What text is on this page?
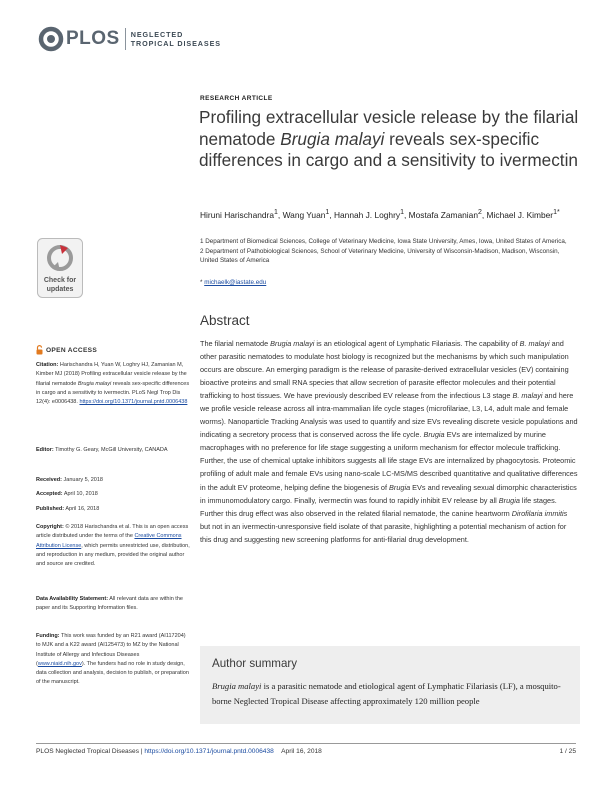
PLOS NEGLECTED
TROPICAL DISEASES
RESEARCH ARTICLE
Profiling extracellular vesicle release by the filarial nematode Brugia malayi reveals sex-specific differences in cargo and a sensitivity to ivermectin
Hiruni Harischandra$^1$, Wang Yuan$^1$, Hannah J. Loghry$^1$, Mostafa Zamanian$^2$, Michael J. Kimber$^{1*}$
1 Department of Biomedical Sciences, College of Veterinary Medicine, Iowa State University, Ames, Iowa, United States of America, 2 Department of Pathobiological Sciences, School of Veterinary Medicine, University of Wisconsin-Madison, Madison, Wisconsin, United States of America
* michaelk@iastate.edu
Abstract

The filarial nematode Brugia malayi is an etiological agent of Lymphatic Filariasis. The capability of B. malayi and other parasitic nematodes to modulate host biology is recognized but the mechanisms by which such manipulation occurs are obscure. An emerging paradigm is the release of parasite-derived extracellular vesicles (EV) containing bioactive proteins and small RNA species that allow secretion of parasite effector molecules and their potential trafficking to host tissues. We have previously described EV release from the infectious L3 stage B. malayi and here we profile vesicle release across all intra-mammalian life cycle stages (microfilariae, L3, L4, adult male and female worms). Nanoparticle Tracking Analysis was used to quantify and size EVs revealing discrete vesicle populations and indicating a secretory process that is conserved across the life cycle. Brugia EVs are internalized by murine macrophages with no preference for life stage suggesting a uniform mechanism for effector molecule trafficking. Further, the use of chemical uptake inhibitors suggests all life stage EVs are internalized by phagocytosis. Proteomic profiling of adult male and female EVs using nano-scale LC-MS/MS described quantitative and qualitative differences in the adult EV proteome, helping define the biogenesis of Brugia EVs and revealing sexual dimorphic characteristics in immunomodulatory cargo. Finally, ivermectin was found to rapidly inhibit EV release by all Brugia life stages. Further this drug effect was also observed in the related filarial nematode, the canine heartworm Dirofilaria immitis but not in an ivermectin-unresponsive field isolate of that parasite, highlighting a potential mechanism of action for this drug and suggesting new screening platforms for anti-filarial drug development.

Author summary
Brugia malayi is a parasitic nematode and etiological agent of Lymphatic Filariasis (LF), a mosquito-borne Neglected Tropical Disease affecting approximately 120 million people
Check for
updates
OPEN ACCESS
Citation: Harischandra H, Yuan W, Loghry HJ, Zamanian M, Kimber MJ (2018) Profiling extracellular vesicle release by the filarial nematode Brugia malayi reveals sex-specific differences in cargo and a sensitivity to ivermectin. PLoS Negl Trop Dis 12(4): e0006438. https://doi.org/10.1371/journal.pntd.0006438
Editor: Timothy G. Geary, McGill University, CANADA
Received: January 5, 2018
Accepted: April 10, 2018
Published: April 16, 2018
Copyright: © 2018 Harischandra et al. This is an open access article distributed under the terms of the Creative Commons Attribution License, which permits unrestricted use, distribution, and reproduction in any medium, provided the original author and source are credited.
Data Availability Statement: All relevant data are within the paper and its Supporting Information files.
Funding: This work was funded by an R21 award (AI117204) to MJK and a K22 award (AI125473) to MZ by the National Institute of Allergy and Infectious Diseases (www.niaid.nih.gov). The funders had no role in study design, data collection and analysis, decision to publish, or preparation of the manuscript.
PLOS Neglected Tropical Diseases | https://doi.org/10.1371/journal.pntd.0006438 April 16, 2018	1 / 25
